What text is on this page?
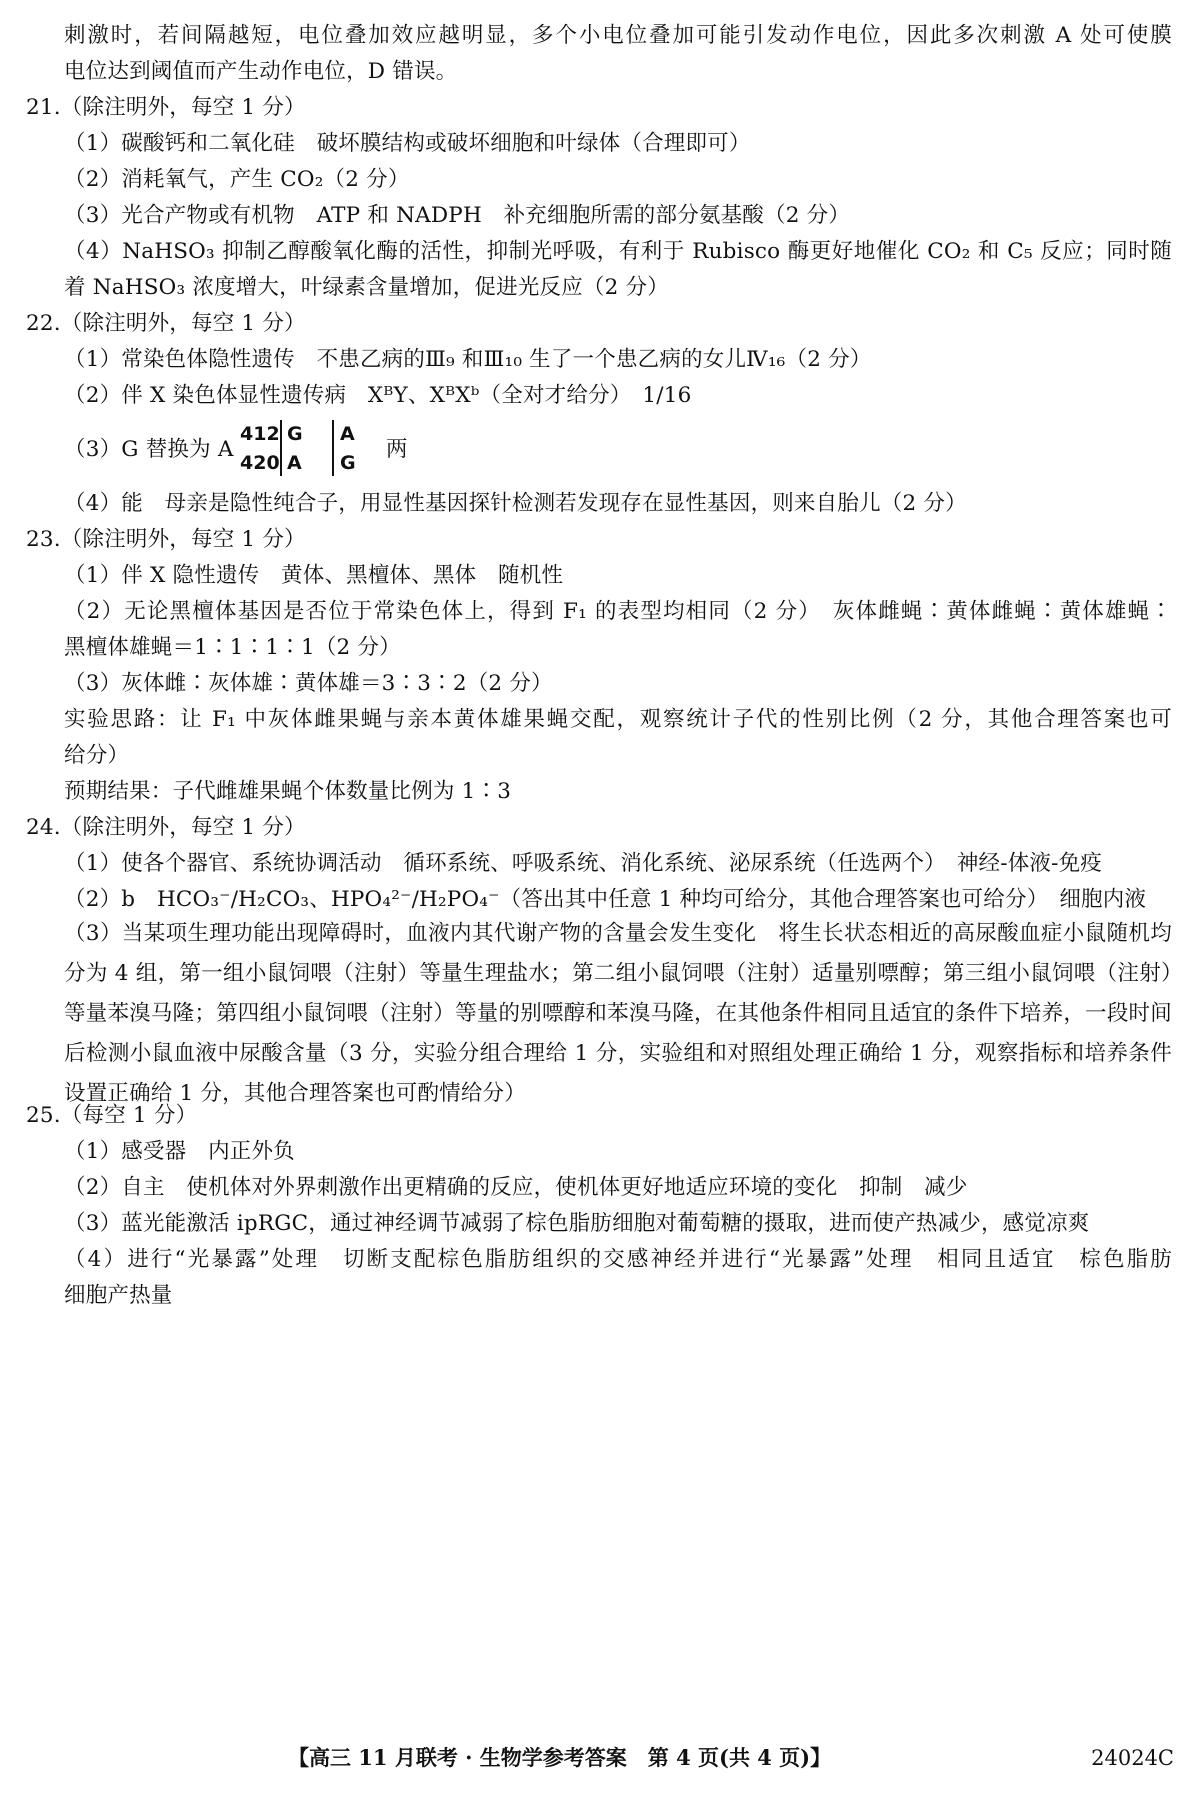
刺激时，若间隔越短，电位叠加效应越明显，多个小电位叠加可能引发动作电位，因此多次刺激 A 处可使膜
电位达到阈值而产生动作电位，D 错误。
21.（除注明外，每空 1 分）
（1）碳酸钙和二氧化硅　破坏膜结构或破坏细胞和叶绿体（合理即可）
（2）消耗氧气，产生 CO₂（2 分）
（3）光合产物或有机物　ATP 和 NADPH　补充细胞所需的部分氨基酸（2 分）
（4）NaHSO₃ 抑制乙醇酸氧化酶的活性，抑制光呼吸，有利于 Rubisco 酶更好地催化 CO₂ 和 C₅ 反应；同时随
着 NaHSO₃ 浓度增大，叶绿素含量增加，促进光反应（2 分）
22.（除注明外，每空 1 分）
（1）常染色体隐性遗传　不患乙病的Ⅲ₉ 和Ⅲ₁₀ 生了一个患乙病的女儿Ⅳ₁₆（2 分）
（2）伴 X 染色体显性遗传病　XᴮY、XᴮXᵇ（全对才给分）　1/16
（3）G 替换为 A
412 G
420 A
A
G
两
（4）能　母亲是隐性纯合子，用显性基因探针检测若发现存在显性基因，则来自胎儿（2 分）
23.（除注明外，每空 1 分）
（1）伴 X 隐性遗传　黄体、黑檀体、黑体　随机性
（2）无论黑檀体基因是否位于常染色体上，得到 F₁ 的表型均相同（2 分）　灰体雌蝇∶黄体雌蝇∶黄体雄蝇∶
黑檀体雄蝇＝1∶1∶1∶1（2 分）
（3）灰体雌∶灰体雄∶黄体雄＝3∶3∶2（2 分）
实验思路：让 F₁ 中灰体雌果蝇与亲本黄体雄果蝇交配，观察统计子代的性别比例（2 分，其他合理答案也可
给分）
预期结果：子代雌雄果蝇个体数量比例为 1∶3
24.（除注明外，每空 1 分）
（1）使各个器官、系统协调活动　循环系统、呼吸系统、消化系统、泌尿系统（任选两个）　神经-体液-免疫
（2）b　HCO₃⁻/H₂CO₃、HPO₄²⁻/H₂PO₄⁻（答出其中任意 1 种均可给分，其他合理答案也可给分）　细胞内液
（3）当某项生理功能出现障碍时，血液内其代谢产物的含量会发生变化　将生长状态相近的高尿酸血症小鼠随机均分为 4 组，第一组小鼠饲喂（注射）等量生理盐水；第二组小鼠饲喂（注射）适量别嘌醇；第三组小鼠饲喂（注射）等量苯溴马隆；第四组小鼠饲喂（注射）等量的别嘌醇和苯溴马隆，在其他条件相同且适宜的条件下培养，一段时间后检测小鼠血液中尿酸含量（3 分，实验分组合理给 1 分，实验组和对照组处理正确给 1 分，观察指标和培养条件设置正确给 1 分，其他合理答案也可酌情给分）
25.（每空 1 分）
（1）感受器　内正外负
（2）自主　使机体对外界刺激作出更精确的反应，使机体更好地适应环境的变化　抑制　减少
（3）蓝光能激活 ipRGC，通过神经调节减弱了棕色脂肪细胞对葡萄糖的摄取，进而使产热减少，感觉凉爽
（4）进行“光暴露”处理　切断支配棕色脂肪组织的交感神经并进行“光暴露”处理　相同且适宜　棕色脂肪
细胞产热量
【高三 11 月联考 · 生物学参考答案　第 4 页(共 4 页)】	24024C
